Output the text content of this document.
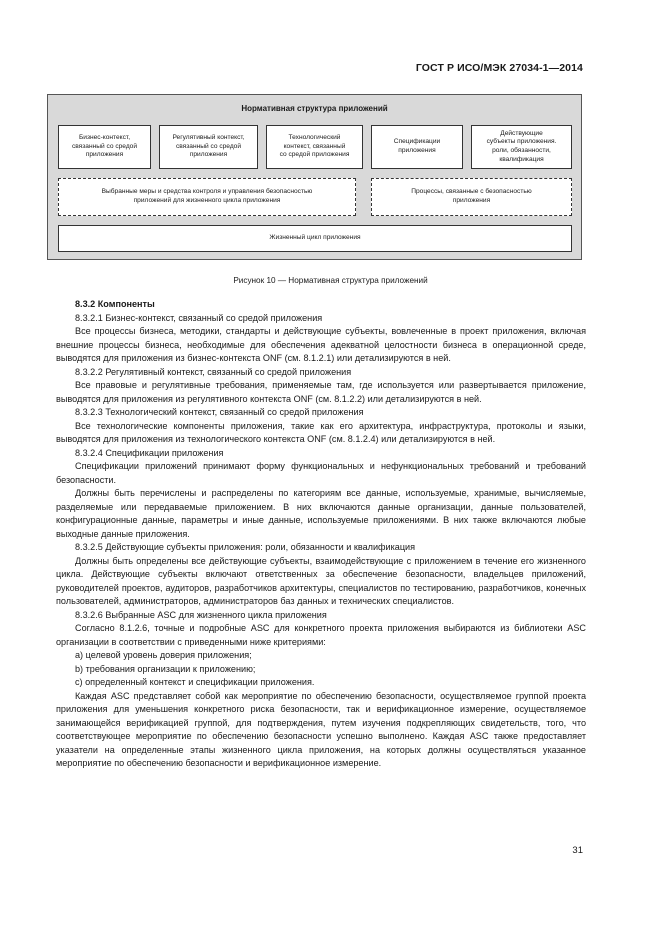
ГОСТ Р ИСО/МЭК 27034-1—2014
Нормативная структура приложений
Бизнес-контекст,
связанный со средой
приложения
Регулятивный контекст,
связанный со средой
приложения
Технологический
контекст, связанный
со средой приложения
Спецификации
приложения
Действующие
субъекты приложения.
роли, обязанности,
квалификация
Выбранные меры и средства контроля и управления безопасностью
приложений для жизненного цикла приложения
Процессы, связанные с безопасностью
приложения
Жизненный цикл приложения
Рисунок 10 — Нормативная структура приложений

8.3.2 Компоненты

8.3.2.1 Бизнес-контекст, связанный со средой приложения

Все процессы бизнеса, методики, стандарты и действующие субъекты, вовлеченные в проект приложения, включая внешние процессы бизнеса, необходимые для обеспечения адекватной целостности бизнеса в операционной среде, выводятся для приложения из бизнес-контекста ONF (см. 8.1.2.1) или детализируются в ней.

8.3.2.2 Регулятивный контекст, связанный со средой приложения

Все правовые и регулятивные требования, применяемые там, где используется или развертывается приложение, выводятся для приложения из регулятивного контекста ONF (см. 8.1.2.2) или детализируются в ней.

8.3.2.3 Технологический контекст, связанный со средой приложения

Все технологические компоненты приложения, такие как его архитектура, инфраструктура, протоколы и языки, выводятся для приложения из технологического контекста ONF (см. 8.1.2.4) или детализируются в ней.

8.3.2.4 Спецификации приложения

Спецификации приложений принимают форму функциональных и нефункциональных требований и требований безопасности.

Должны быть перечислены и распределены по категориям все данные, используемые, хранимые, вычисляемые, разделяемые или передаваемые приложением. В них включаются данные организации, данные пользователей, конфигурационные данные, параметры и иные данные, используемые приложениями. В них также включаются любые выходные данные приложения.

8.3.2.5 Действующие субъекты приложения: роли, обязанности и квалификация

Должны быть определены все действующие субъекты, взаимодействующие с приложением в течение его жизненного цикла. Действующие субъекты включают ответственных за обеспечение безопасности, владельцев приложений, руководителей проектов, аудиторов, разработчиков архитектуры, специалистов по тестированию, разработчиков, конечных пользователей, администраторов, администраторов баз данных и технических специалистов.

8.3.2.6 Выбранные ASC для жизненного цикла приложения

Согласно 8.1.2.6, точные и подробные ASC для конкретного проекта приложения выбираются из библиотеки ASC организации в соответствии с приведенными ниже критериями:

a) целевой уровень доверия приложения;

b) требования организации к приложению;

c) определенный контекст и спецификации приложения.

Каждая ASC представляет собой как мероприятие по обеспечению безопасности, осуществляемое группой проекта приложения для уменьшения конкретного риска безопасности, так и верификационное измерение, осуществляемое занимающейся верификацией группой, для подтверждения, путем изучения подкрепляющих свидетельств, того, что соответствующее мероприятие по обеспечению безопасности успешно выполнено. Каждая ASC также предоставляет указатели на определенные этапы жизненного цикла приложения, на которых должны осуществляться указанное мероприятие по обеспечению безопасности и верификационное измерение.

31
